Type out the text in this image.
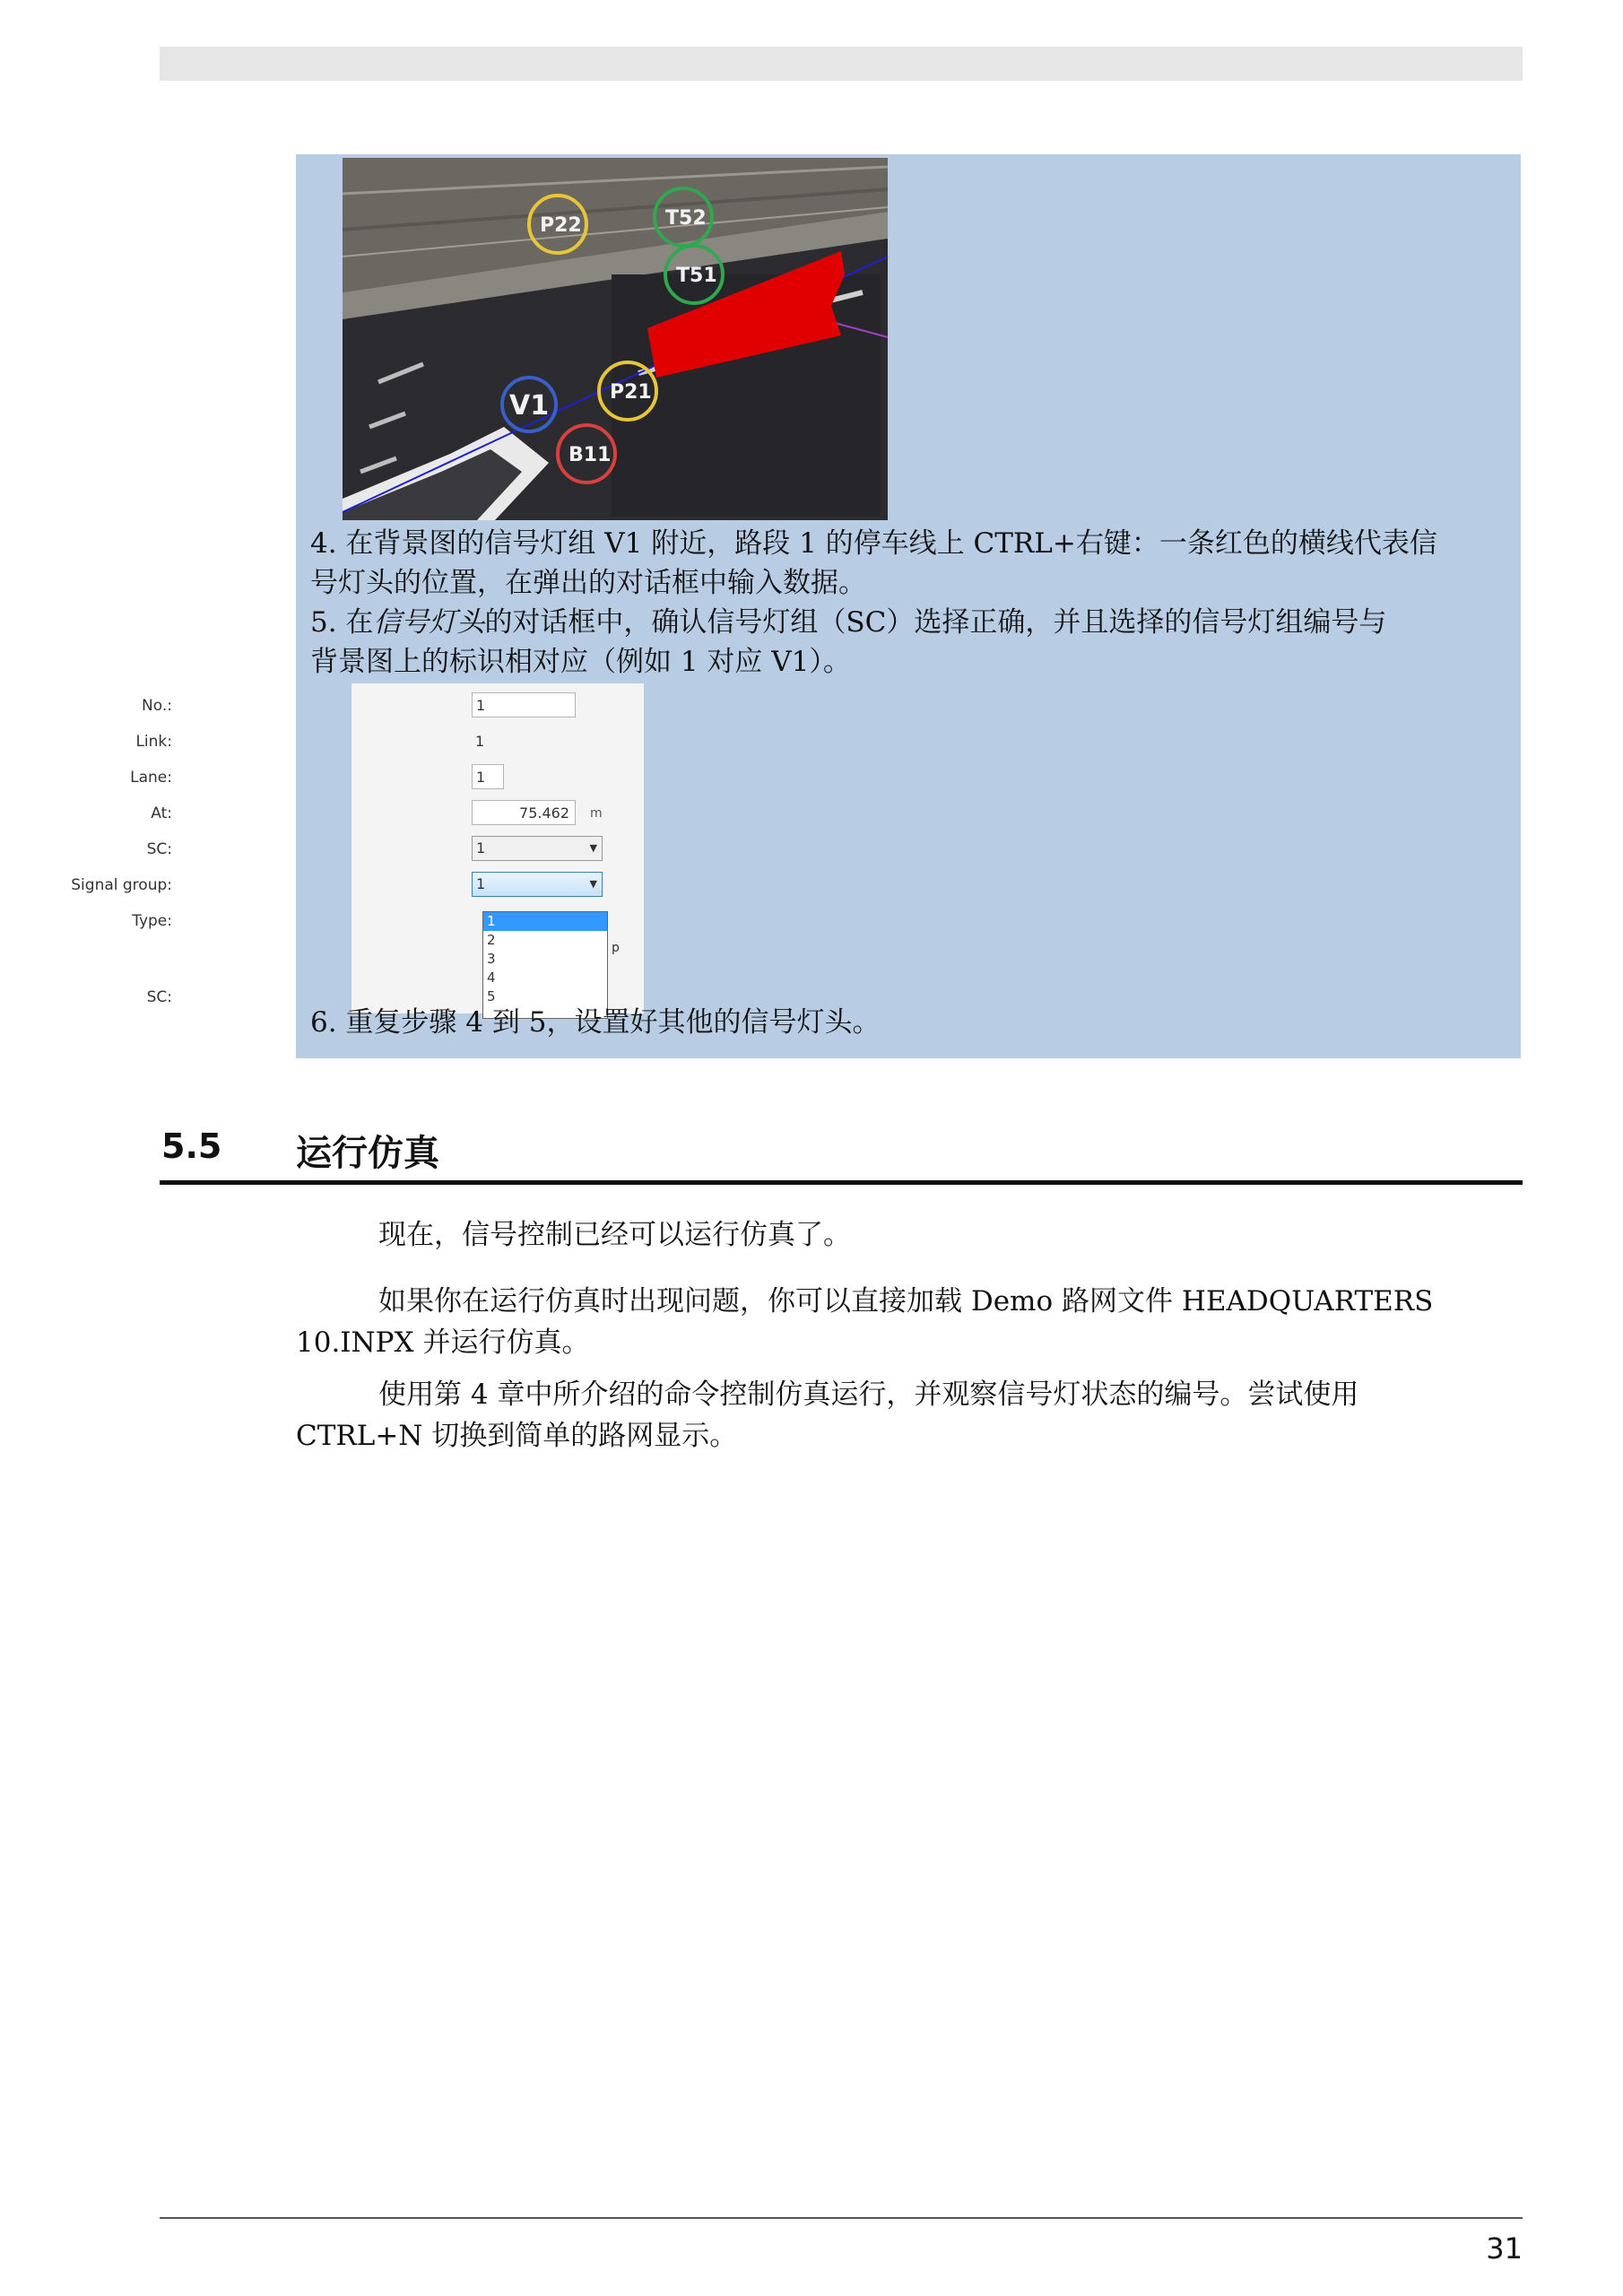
P22	T52
T51
V1	P21
B11
4. 在背景图的信号灯组 V1 附近，路段 1 的停车线上 CTRL+右键：一条红色的横线代表信
号灯头的位置，在弹出的对话框中输入数据。
5. 在信号灯头的对话框中，确认信号灯组（SC）选择正确，并且选择的信号灯组编号与
背景图上的标识相对应（例如 1 对应 V1）。
No.:	1
Link:	1
Lane:	1
At:	75.462	m
SC:	1	▼
Signal group:	1	▼
Type:
p
SC:
1
2
3
4
5
6. 重复步骤 4 到 5，设置好其他的信号灯头。
5.5 运行仿真
现在，信号控制已经可以运行仿真了。
如果你在运行仿真时出现问题，你可以直接加载 Demo 路网文件 HEADQUARTERS
10.INPX 并运行仿真。
使用第 4 章中所介绍的命令控制仿真运行，并观察信号灯状态的编号。尝试使用
CTRL+N 切换到简单的路网显示。
31
